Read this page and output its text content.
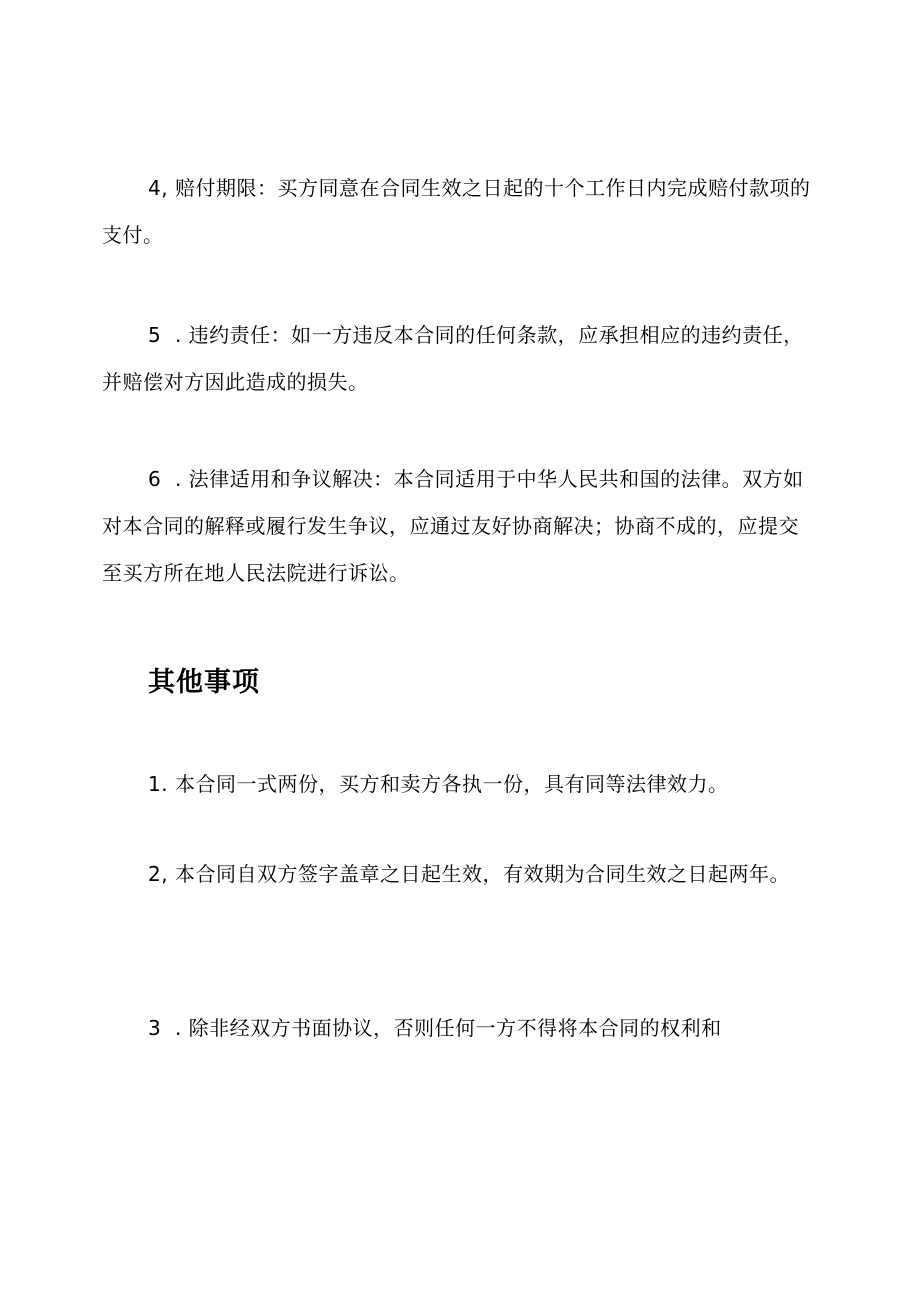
4, 赔付期限：买方同意在合同生效之日起的十个工作日内完成赔付款项的支付。

5  . 违约责任：如一方违反本合同的任何条款，应承担相应的违约责任，并赔偿对方因此造成的损失。

6  . 法律适用和争议解决：本合同适用于中华人民共和国的法律。双方如对本合同的解释或履行发生争议，应通过友好协商解决；协商不成的，应提交至买方所在地人民法院进行诉讼。

其他事项

1. 本合同一式两份，买方和卖方各执一份，具有同等法律效力。

2, 本合同自双方签字盖章之日起生效，有效期为合同生效之日起两年。

3  . 除非经双方书面协议，否则任何一方不得将本合同的权利和
